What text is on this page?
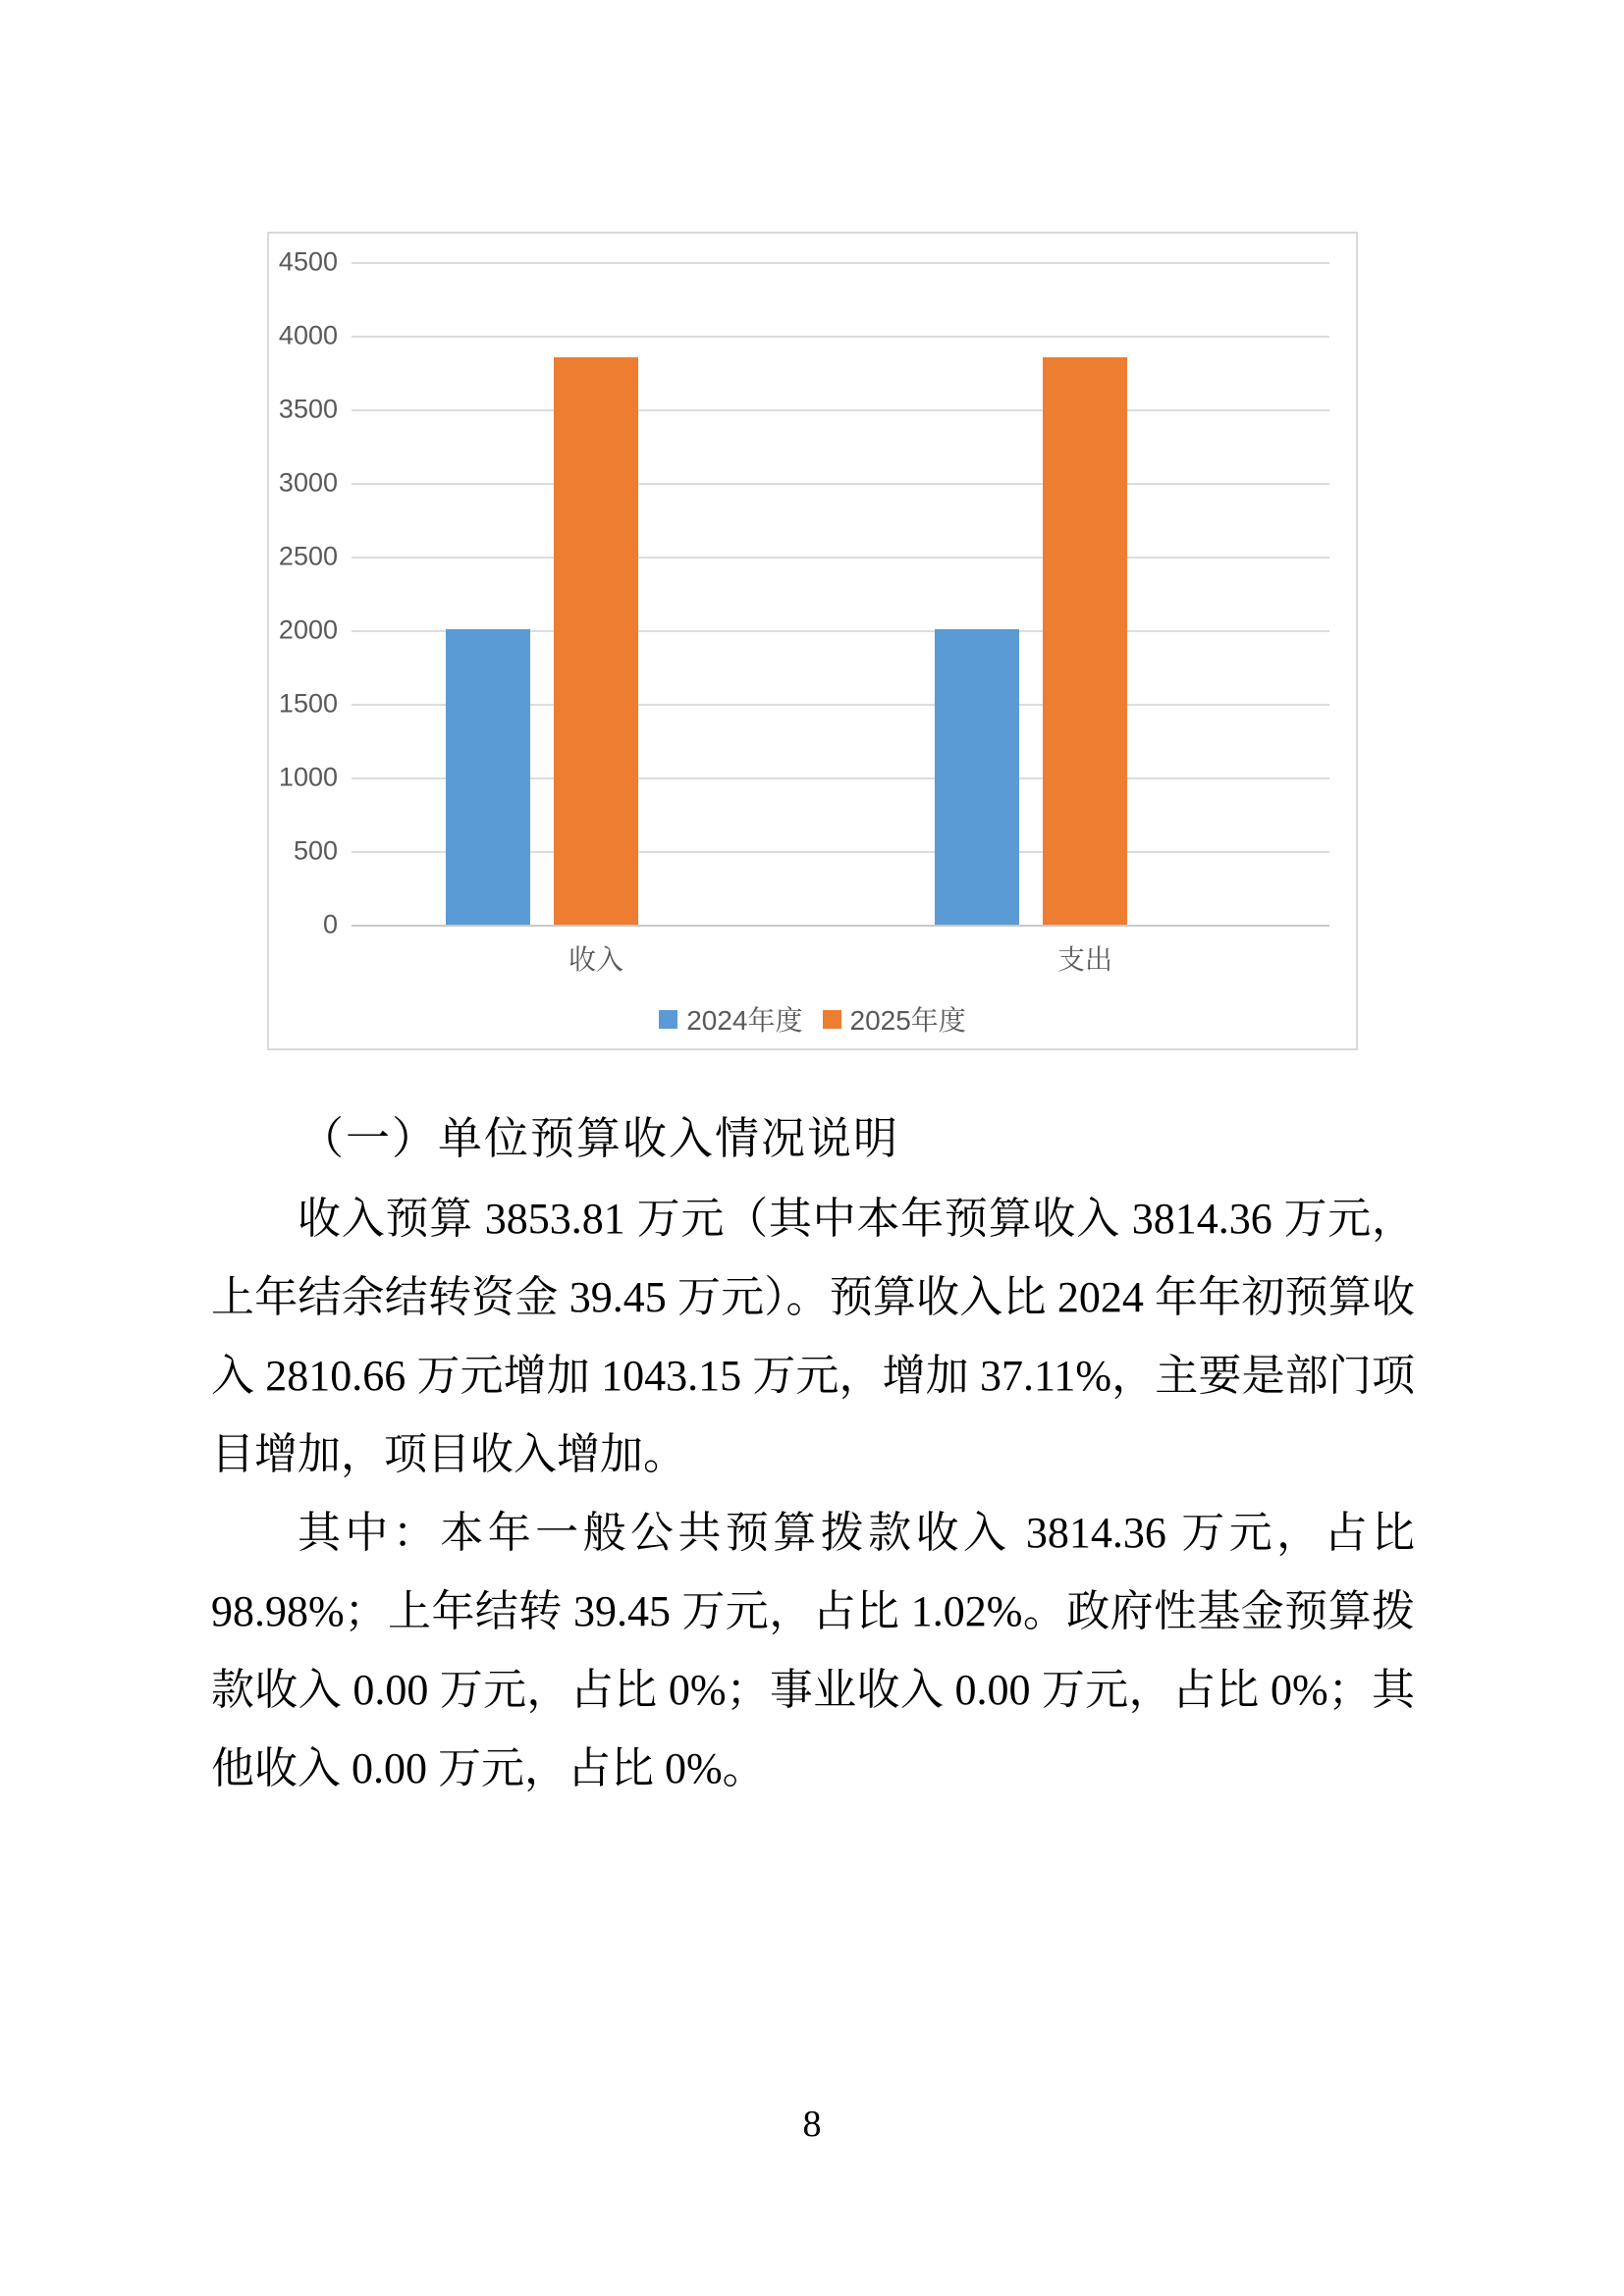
4500
4000
3500
3000
2500
2000
1500
1000
500
0
收入	支出
2024年度 2025年度
（一）单位预算收入情况说明

收入预算 3853.81 万元（其中本年预算收入 3814.36 万元，上年结余结转资金 39.45 万元）。预算收入比 2024 年年初预算收入 2810.66 万元增加 1043.15 万元，增加 37.11%，主要是部门项目增加，项目收入增加。

其中：本年一般公共预算拨款收入 3814.36 万元，占比 98.98%；上年结转 39.45 万元，占比 1.02%。政府性基金预算拨款收入 0.00 万元，占比 0%；事业收入 0.00 万元，占比 0%；其他收入 0.00 万元，占比 0%。

8
